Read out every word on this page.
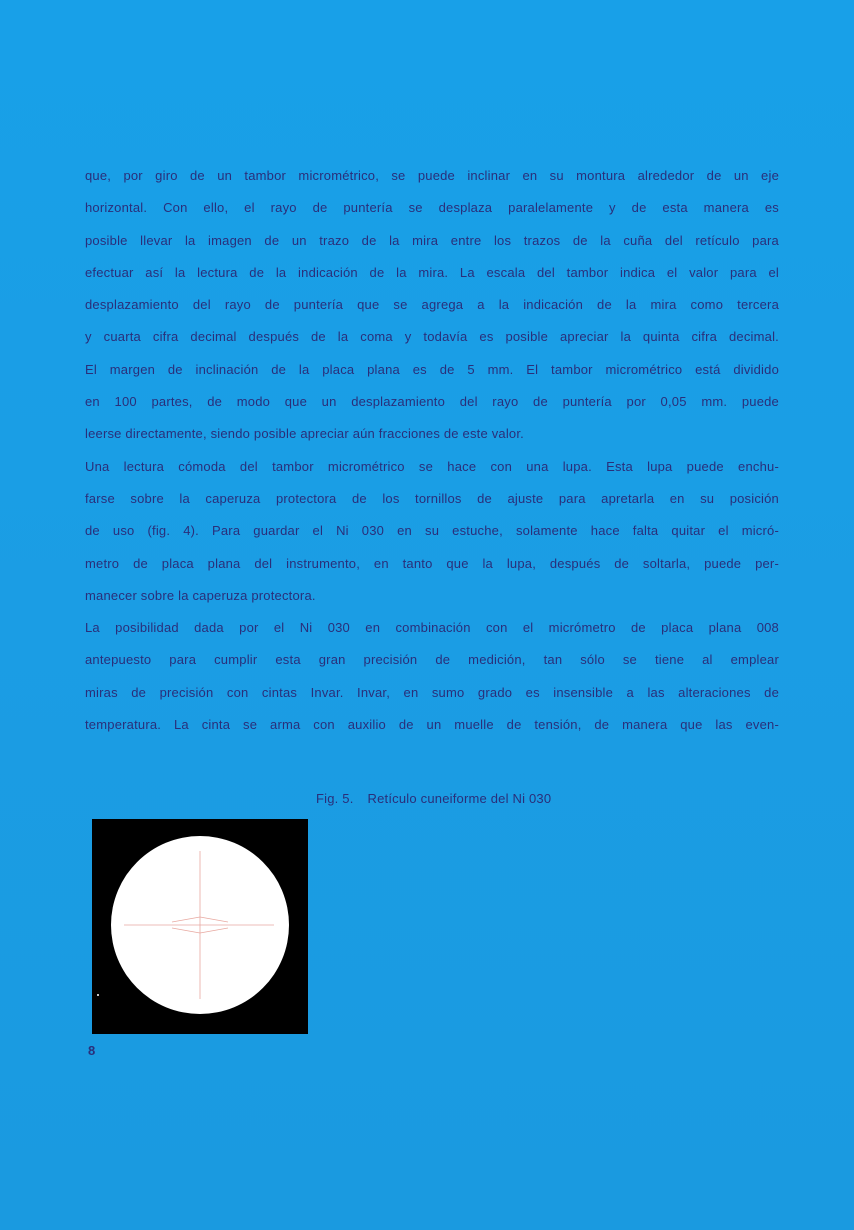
que, por giro de un tambor micrométrico, se puede inclinar en su montura alrededor de un eje
horizontal. Con ello, el rayo de puntería se desplaza paralelamente y de esta manera es
posible llevar la imagen de un trazo de la mira entre los trazos de la cuña del retículo para
efectuar así la lectura de la indicación de la mira. La escala del tambor indica el valor para el
desplazamiento del rayo de puntería que se agrega a la indicación de la mira como tercera
y cuarta cifra decimal después de la coma y todavía es posible apreciar la quinta cifra decimal.
El margen de inclinación de la placa plana es de 5 mm. El tambor micrométrico está dividido
en 100 partes, de modo que un desplazamiento del rayo de puntería por 0,05 mm. puede
leerse directamente, siendo posible apreciar aún fracciones de este valor.
Una lectura cómoda del tambor micrométrico se hace con una lupa. Esta lupa puede enchu-
farse sobre la caperuza protectora de los tornillos de ajuste para apretarla en su posición
de uso (fig. 4). Para guardar el Ni 030 en su estuche, solamente hace falta quitar el micró-
metro de placa plana del instrumento, en tanto que la lupa, después de soltarla, puede per-
manecer sobre la caperuza protectora.
La posibilidad dada por el Ni 030 en combinación con el micrómetro de placa plana 008
antepuesto para cumplir esta gran precisión de medición, tan sólo se tiene al emplear
miras de precisión con cintas Invar. Invar, en sumo grado es insensible a las alteraciones de
temperatura. La cinta se arma con auxilio de un muelle de tensión, de manera que las even-
Fig. 5. Retículo cuneiforme del Ni 030
8
